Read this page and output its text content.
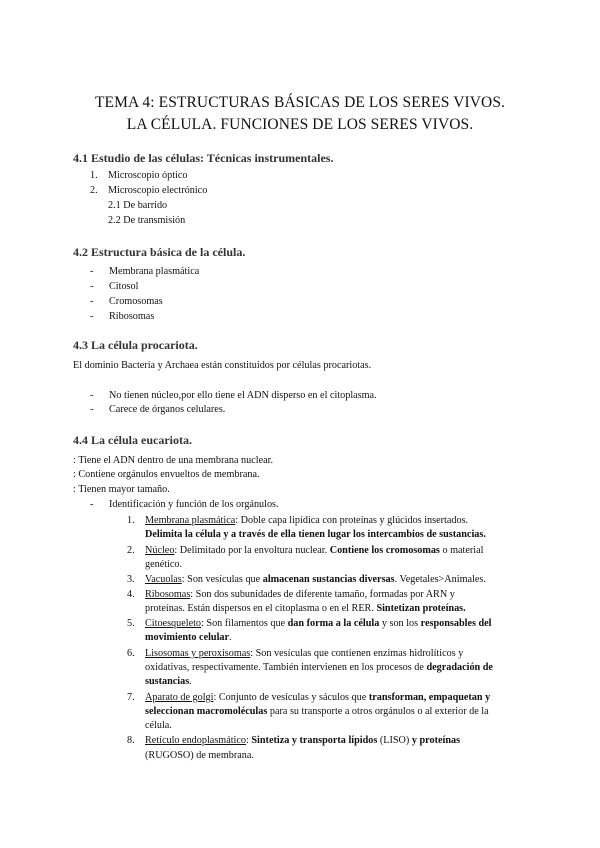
TEMA 4: ESTRUCTURAS BÁSICAS DE LOS SERES VIVOS.
LA CÉLULA. FUNCIONES DE LOS SERES VIVOS.
4.1 Estudio de las células: Técnicas instrumentales.
1. Microscopio óptico
2. Microscopio electrónico
2.1 De barrido
2.2 De transmisión
4.2 Estructura básica de la célula.
- Membrana plasmática
- Citosol
- Cromosomas
- Ribosomas
4.3 La célula procariota.
El dominio Bacteria y Archaea están constituidos por células procariotas.
- No tienen núcleo,por ello tiene el ADN disperso en el citoplasma.
- Carece de órganos celulares.
4.4 La célula eucariota.
: Tiene el ADN dentro de una membrana nuclear.
: Contiene orgánulos envueltos de membrana.
: Tienen mayor tamaño.
- Identificación y función de los orgánulos.
1. Membrana plasmática: Doble capa lipídica con proteínas y glúcidos insertados.
Delimita la célula y a través de ella tienen lugar los intercambios de sustancias.
2. Núcleo: Delimitado por la envoltura nuclear. Contiene los cromosomas o material
genético.
3. Vacuolas: Son vesículas que almacenan sustancias diversas. Vegetales>Animales.
4. Ribosomas: Son dos subunidades de diferente tamaño, formadas por ARN y
proteínas. Están dispersos en el citoplasma o en el RER. Sintetizan proteínas.
5. Citoesqueleto: Son filamentos que dan forma a la célula y son los responsables del
movimiento celular.
6. Lisosomas y peroxisomas: Son vesículas que contienen enzimas hidrolíticos y
oxidativas, respectivamente. También intervienen en los procesos de degradación de
sustancias.
7. Aparato de golgi: Conjunto de vesículas y sáculos que transforman, empaquetan y
seleccionan macromoléculas para su transporte a otros orgánulos o al exterior de la
célula.
8. Retículo endoplasmático: Sintetiza y transporta lípidos (LISO) y proteínas
(RUGOSO) de membrana.
